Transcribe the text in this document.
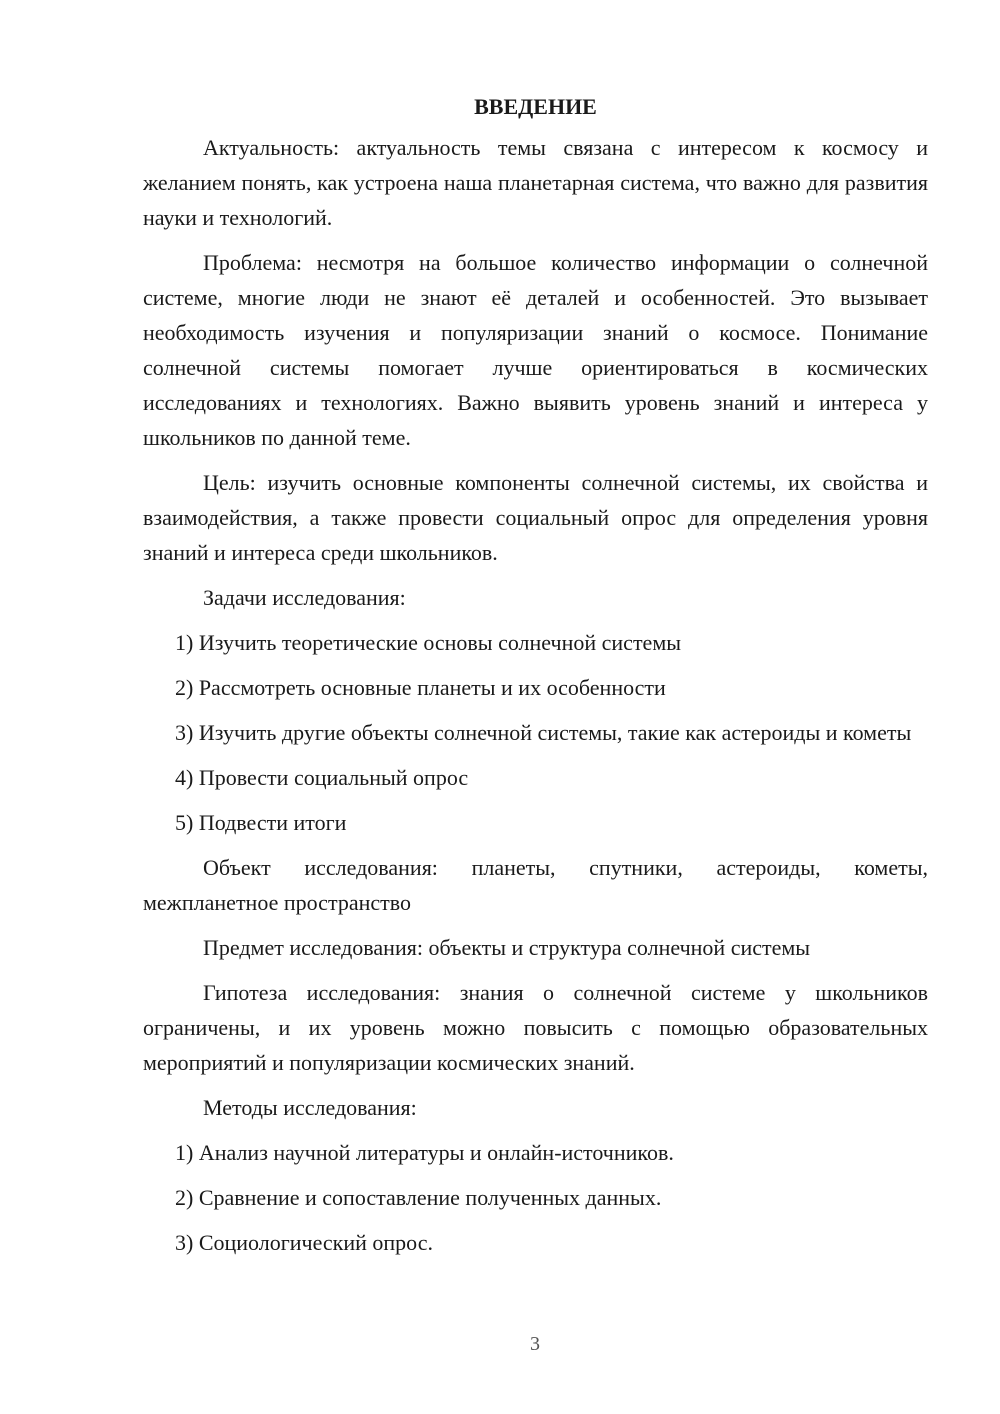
ВВЕДЕНИЕ

Актуальность: актуальность темы связана с интересом к космосу и желанием понять, как устроена наша планетарная система, что важно для развития науки и технологий.

Проблема: несмотря на большое количество информации о солнечной системе, многие люди не знают её деталей и особенностей. Это вызывает необходимость изучения и популяризации знаний о космосе. Понимание солнечной системы помогает лучше ориентироваться в космических исследованиях и технологиях. Важно выявить уровень знаний и интереса у школьников по данной теме.

Цель: изучить основные компоненты солнечной системы, их свойства и взаимодействия, а также провести социальный опрос для определения уровня знаний и интереса среди школьников.

Задачи исследования:

1) Изучить теоретические основы солнечной системы

2) Рассмотреть основные планеты и их особенности

3) Изучить другие объекты солнечной системы, такие как астероиды и кометы

4) Провести социальный опрос

5) Подвести итоги

Объект исследования: планеты, спутники, астероиды, кометы, межпланетное пространство

Предмет исследования: объекты и структура солнечной системы

Гипотеза исследования: знания о солнечной системе у школьников ограничены, и их уровень можно повысить с помощью образовательных мероприятий и популяризации космических знаний.

Методы исследования:

1) Анализ научной литературы и онлайн-источников.

2) Сравнение и сопоставление полученных данных.

3) Социологический опрос.

3
